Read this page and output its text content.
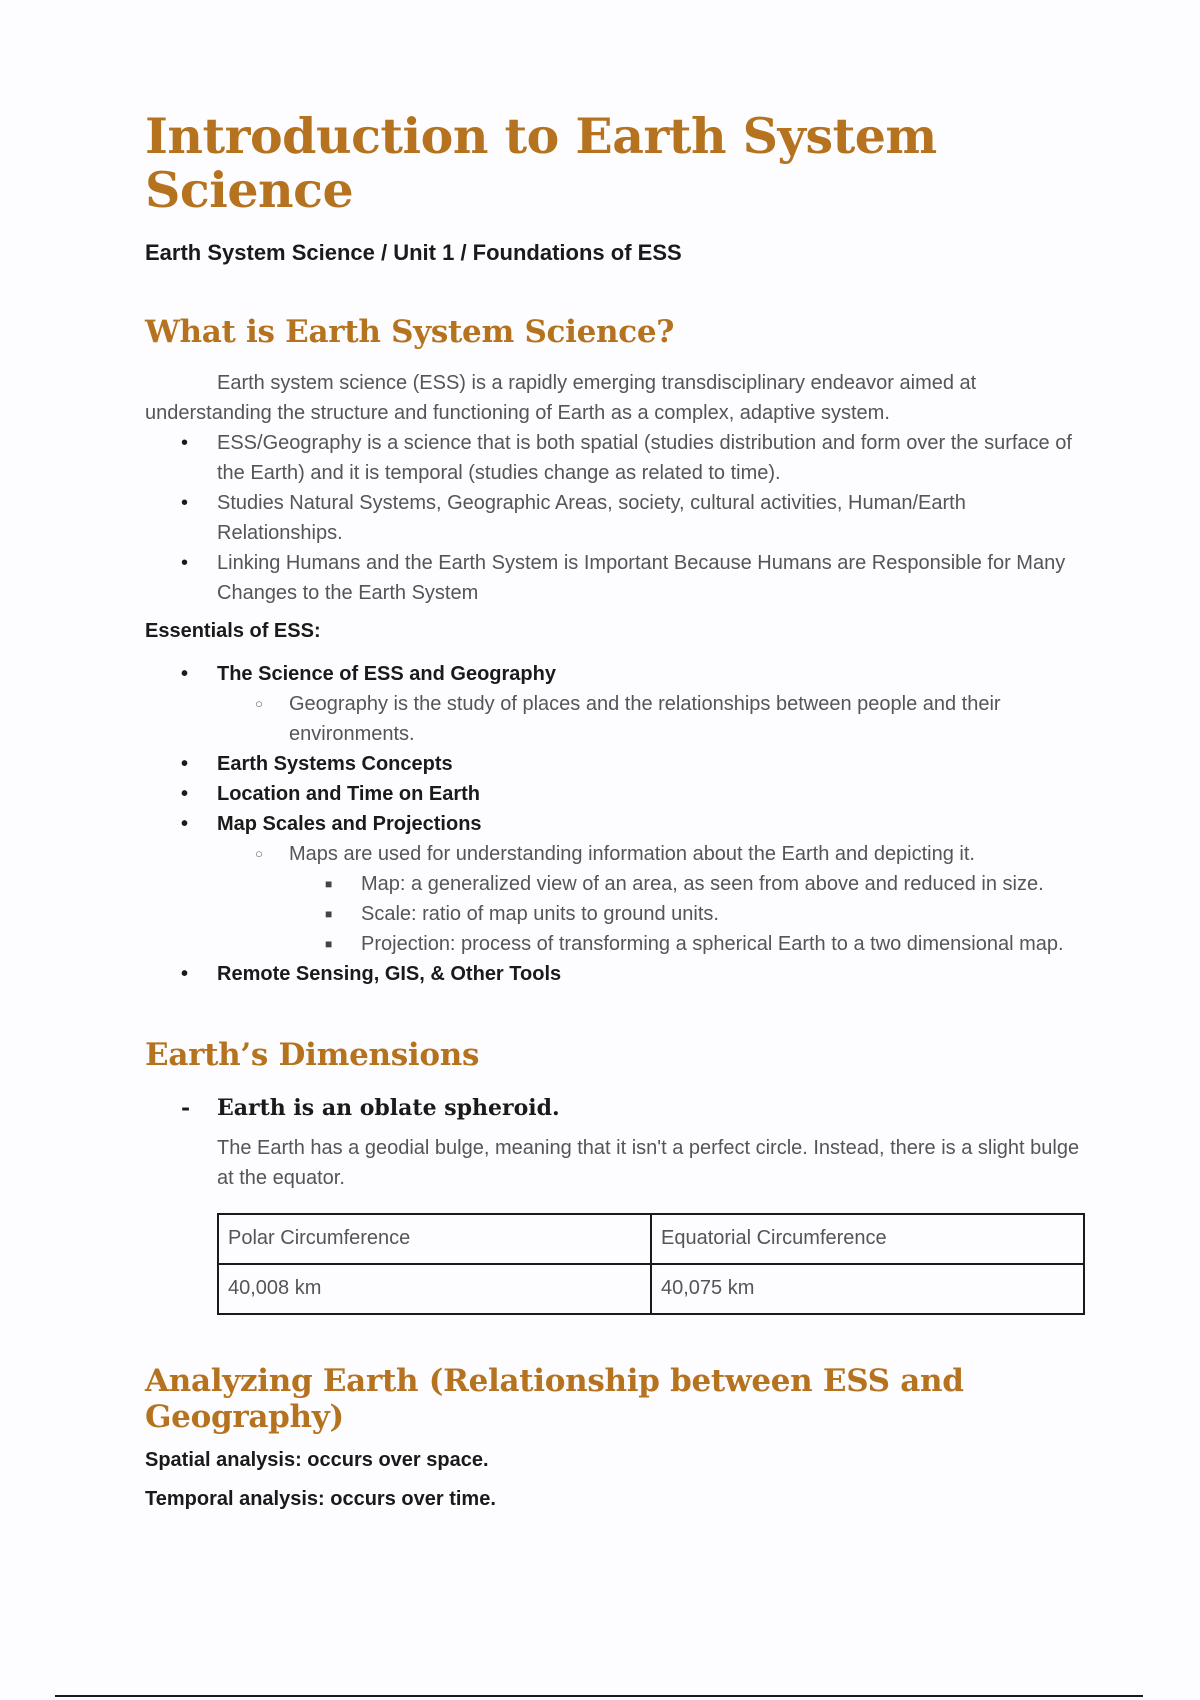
Introduction to Earth System Science
Earth System Science / Unit 1 / Foundations of ESS
What is Earth System Science?

Earth system science (ESS) is a rapidly emerging transdisciplinary endeavor aimed at understanding the structure and functioning of Earth as a complex, adaptive system.

• ESS/Geography is a science that is both spatial (studies distribution and form over the surface of the Earth) and it is temporal (studies change as related to time).
• Studies Natural Systems, Geographic Areas, society, cultural activities, Human/Earth Relationships.
• Linking Humans and the Earth System is Important Because Humans are Responsible for Many Changes to the Earth System
Essentials of ESS:
• The Science of ESS and Geography
○ Geography is the study of places and the relationships between people and their environments.
• Earth Systems Concepts
• Location and Time on Earth
• Map Scales and Projections
○ Maps are used for understanding information about the Earth and depicting it.
■ Map: a generalized view of an area, as seen from above and reduced in size.
■ Scale: ratio of map units to ground units.
■ Projection: process of transforming a spherical Earth to a two dimensional map.
• Remote Sensing, GIS, & Other Tools
Earth’s Dimensions
- Earth is an oblate spheroid.

The Earth has a geodial bulge, meaning that it isn't a perfect circle. Instead, there is a slight bulge at the equator.

Polar Circumference	Equatorial Circumference
40,008 km	40,075 km
Analyzing Earth (Relationship between ESS and Geography)
Spatial analysis: occurs over space.
Temporal analysis: occurs over time.
